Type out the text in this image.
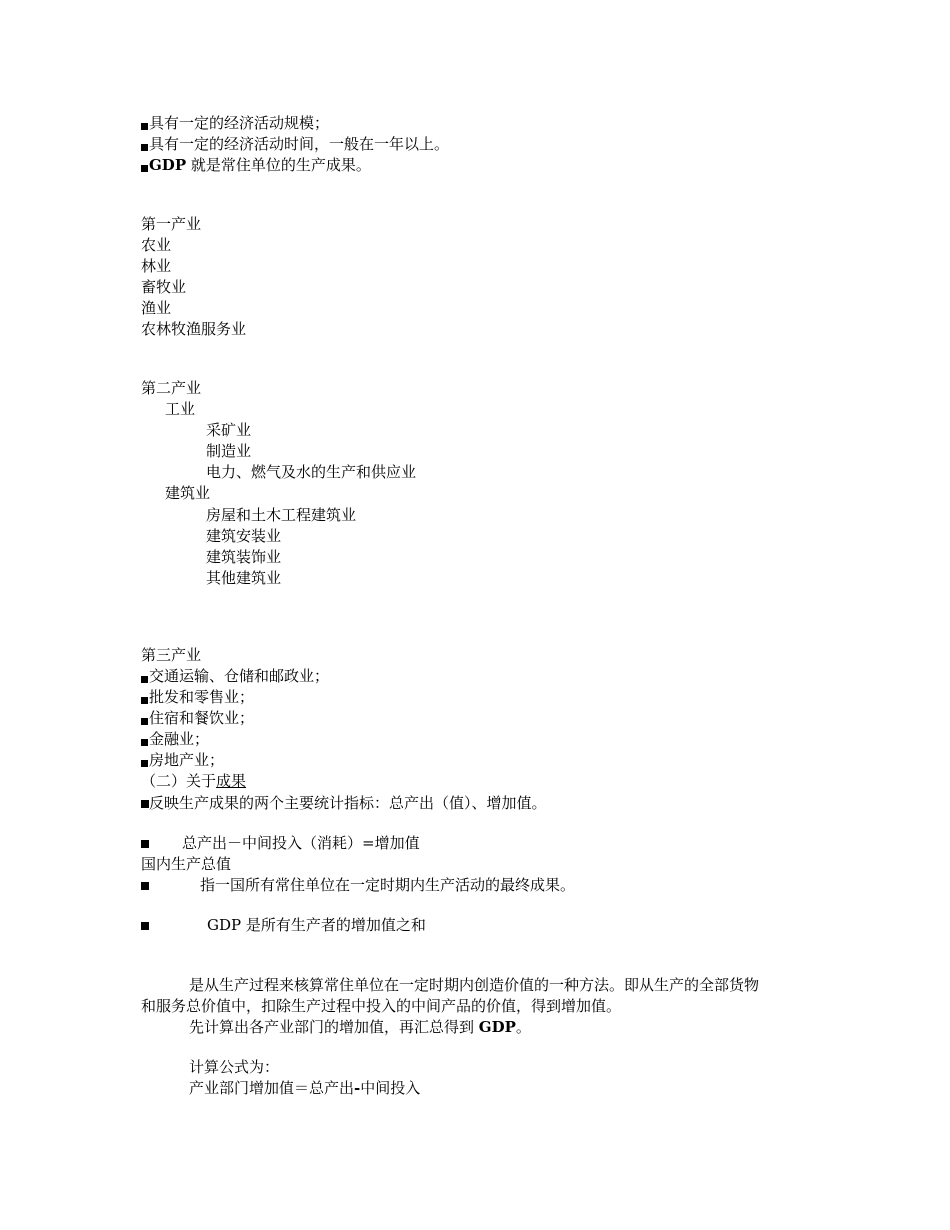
具有一定的经济活动规模；
具有一定的经济活动时间，一般在一年以上。
GDP 就是常住单位的生产成果。
第一产业
农业
林业
畜牧业
渔业
农林牧渔服务业
第二产业
工业
采矿业
制造业
电力、燃气及水的生产和供应业
建筑业
房屋和土木工程建筑业
建筑安装业
建筑装饰业
其他建筑业
第三产业
交通运输、仓储和邮政业；
批发和零售业；
住宿和餐饮业；
金融业；
房地产业；
（二）关于成果
反映生产成果的两个主要统计指标：总产出（值）、增加值。
总产出－中间投入（消耗）=增加值
国内生产总值
指一国所有常住单位在一定时期内生产活动的最终成果。
GDP 是所有生产者的增加值之和
是从生产过程来核算常住单位在一定时期内创造价值的一种方法。即从生产的全部货物
和服务总价值中，扣除生产过程中投入的中间产品的价值，得到增加值。
先计算出各产业部门的增加值，再汇总得到 GDP。
计算公式为：
产业部门增加值＝总产出-中间投入
